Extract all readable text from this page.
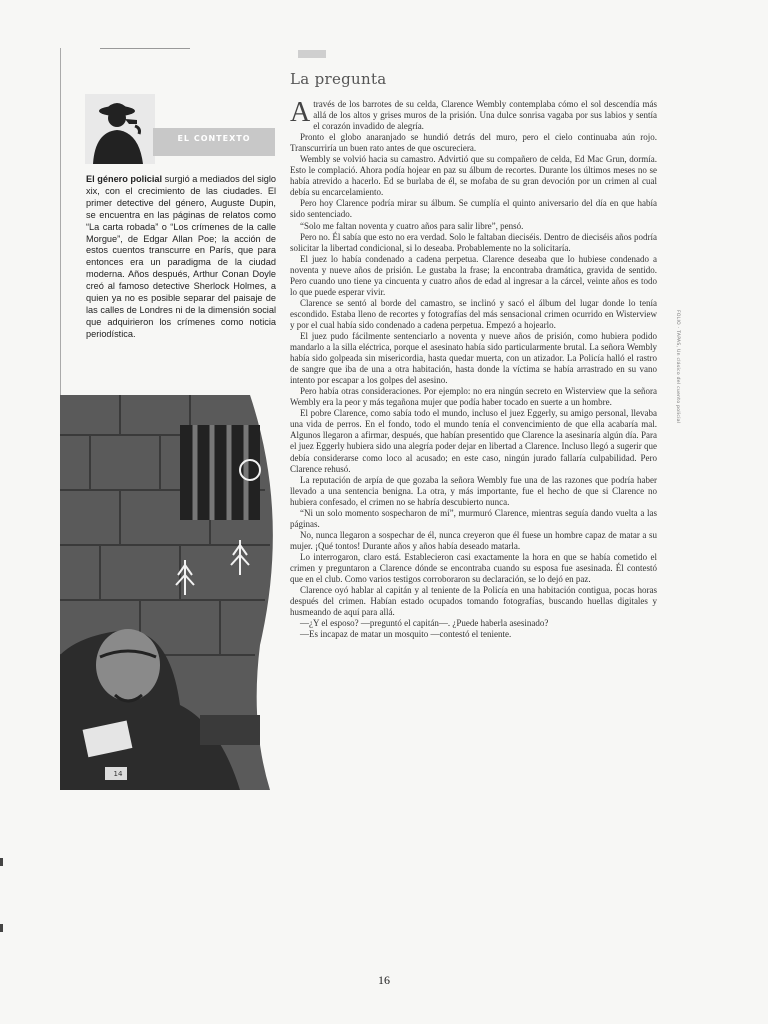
EL CONTEXTO
El género policial surgió a mediados del siglo xix, con el crecimiento de las ciudades. El primer detective del género, Auguste Dupin, se encuentra en las páginas de relatos como “La carta robada” o “Los crímenes de la calle Morgue”, de Edgar Allan Poe; la acción de estos cuentos transcurre en París, que para entonces era un paradigma de la ciudad moderna. Años después, Arthur Conan Doyle creó al famoso detective Sherlock Holmes, a quien ya no es posible separar del paisaje de las calles de Londres ni de la dimensión social que adquirieron los crímenes como noticia periodística.
14
La pregunta

Através de los barrotes de su celda, Clarence Wembly contemplaba cómo el sol descendía más allá de los altos y grises muros de la prisión. Una dulce sonrisa vagaba por sus labios y sentía el corazón invadido de alegría.

Pronto el globo anaranjado se hundió detrás del muro, pero el cielo continuaba aún rojo. Transcurriría un buen rato antes de que oscureciera.

Wembly se volvió hacia su camastro. Advirtió que su compañero de celda, Ed Mac Grun, dormía. Esto le complació. Ahora podía hojear en paz su álbum de recortes. Durante los últimos meses no se había atrevido a hacerlo. Ed se burlaba de él, se mofaba de su gran devoción por un crimen al cual debía su encarcelamiento.

Pero hoy Clarence podría mirar su álbum. Se cumplía el quinto aniversario del día en que había sido sentenciado.

“Solo me faltan noventa y cuatro años para salir libre”, pensó.

Pero no. Él sabía que esto no era verdad. Solo le faltaban dieciséis. Dentro de dieciséis años podría solicitar la libertad condicional, si lo deseaba. Probablemente no la solicitaría.

El juez lo había condenado a cadena perpetua. Clarence deseaba que lo hubiese condenado a noventa y nueve años de prisión. Le gustaba la frase; la encontraba dramática, gravida de sentido. Pero cuando uno tiene ya cincuenta y cuatro años de edad al ingresar a la cárcel, veinte años es todo lo que puede esperar vivir.

Clarence se sentó al borde del camastro, se inclinó y sacó el álbum del lugar donde lo tenía escondido. Estaba lleno de recortes y fotografías del más sensacional crimen ocurrido en Wisterview y por el cual había sido condenado a cadena perpetua. Empezó a hojearlo.

El juez pudo fácilmente sentenciarlo a noventa y nueve años de prisión, como hubiera podido mandarlo a la silla eléctrica, porque el asesinato había sido particularmente brutal. La señora Wembly había sido golpeada sin misericordia, hasta quedar muerta, con un atizador. La Policía halló el rastro de sangre que iba de una a otra habitación, hasta donde la víctima se había arrastrado en su vano intento por escapar a los golpes del asesino.

Pero había otras consideraciones. Por ejemplo: no era ningún secreto en Wisterview que la señora Wembly era la peor y más tegañona mujer que podía haber tocado en suerte a un hombre.

El pobre Clarence, como sabía todo el mundo, incluso el juez Eggerly, su amigo personal, llevaba una vida de perros. En el fondo, todo el mundo tenía el convencimiento de que ella acabaría mal. Algunos llegaron a afirmar, después, que habían presentido que Clarence la asesinaría algún día. Para el juez Eggerly hubiera sido una alegría poder dejar en libertad a Clarence. Incluso llegó a sugerir que debía considerarse como loco al acusado; en este caso, ningún jurado fallaría culpabilidad. Pero Clarence rehusó.

La reputación de arpía de que gozaba la señora Wembly fue una de las razones que podría haber llevado a una sentencia benigna. La otra, y más importante, fue el hecho de que si Clarence no hubiera confesado, el crimen no se habría descubierto nunca.

“Ni un solo momento sospecharon de mí”, murmuró Clarence, mientras seguía dando vuelta a las páginas.

No, nunca llegaron a sospechar de él, nunca creyeron que él fuese un hombre capaz de matar a su mujer. ¡Qué tontos! Durante años y años había deseado matarla.

Lo interrogaron, claro está. Establecieron casi exactamente la hora en que se había cometido el crimen y preguntaron a Clarence dónde se encontraba cuando su esposa fue asesinada. Él contestó que en el club. Como varios testigos corroboraron su declaración, se lo dejó en paz.

Clarence oyó hablar al capitán y al teniente de la Policía en una habitación contigua, pocas horas después del crimen. Habían estado ocupados tomando fotografías, buscando huellas digitales y husmeando de aquí para allá.

—¿Y el esposo? —preguntó el capitán—. ¿Puede haberla asesinado?

—Es incapaz de matar un mosquito —contestó el teniente.

FOLIO · TAPAS, Un clásico del cuento policial
16
